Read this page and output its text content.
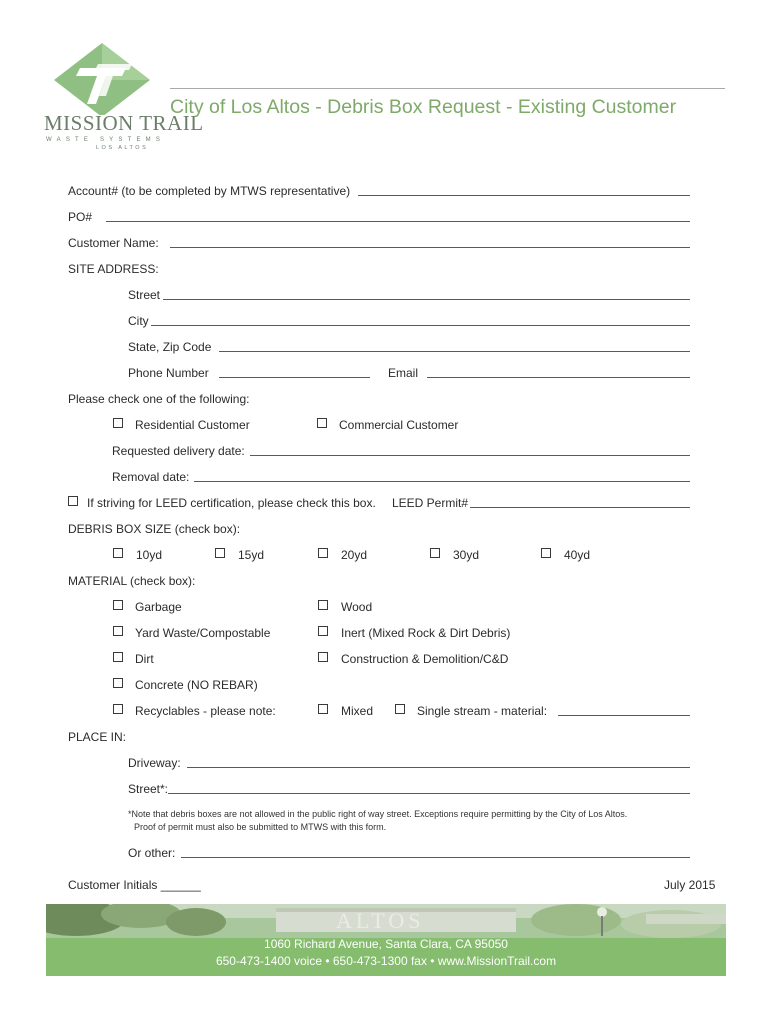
MISSION TRAIL
WASTE SYSTEMS
LOS ALTOS
City of Los Altos - Debris Box Request - Existing Customer
Account# (to be completed by MTWS representative)
PO#
Customer Name:
SITE ADDRESS:
Street
City
State, Zip Code
Phone Number	Email
Please check one of the following:
Residential Customer	Commercial Customer
Requested delivery date:
Removal date:
If striving for LEED certification, please check this box. LEED Permit#
DEBRIS BOX SIZE (check box):
10yd	15yd	20yd	30yd	40yd
MATERIAL (check box):
Garbage	Wood
Yard Waste/Compostable	Inert (Mixed Rock & Dirt Debris)
Dirt	Construction & Demolition/C&D
Concrete (NO REBAR)
Recyclables - please note:	Mixed	Single stream - material:
PLACE IN:
Driveway:
Street*:
*Note that debris boxes are not allowed in the public right of way street. Exceptions require permitting by the City of Los Altos.
Proof of permit must also be submitted to MTWS with this form.
Or other:
Customer Initials ______	July 2015
ALTOS
1060 Richard Avenue, Santa Clara, CA 95050
650-473-1400 voice • 650-473-1300 fax • www.MissionTrail.com
